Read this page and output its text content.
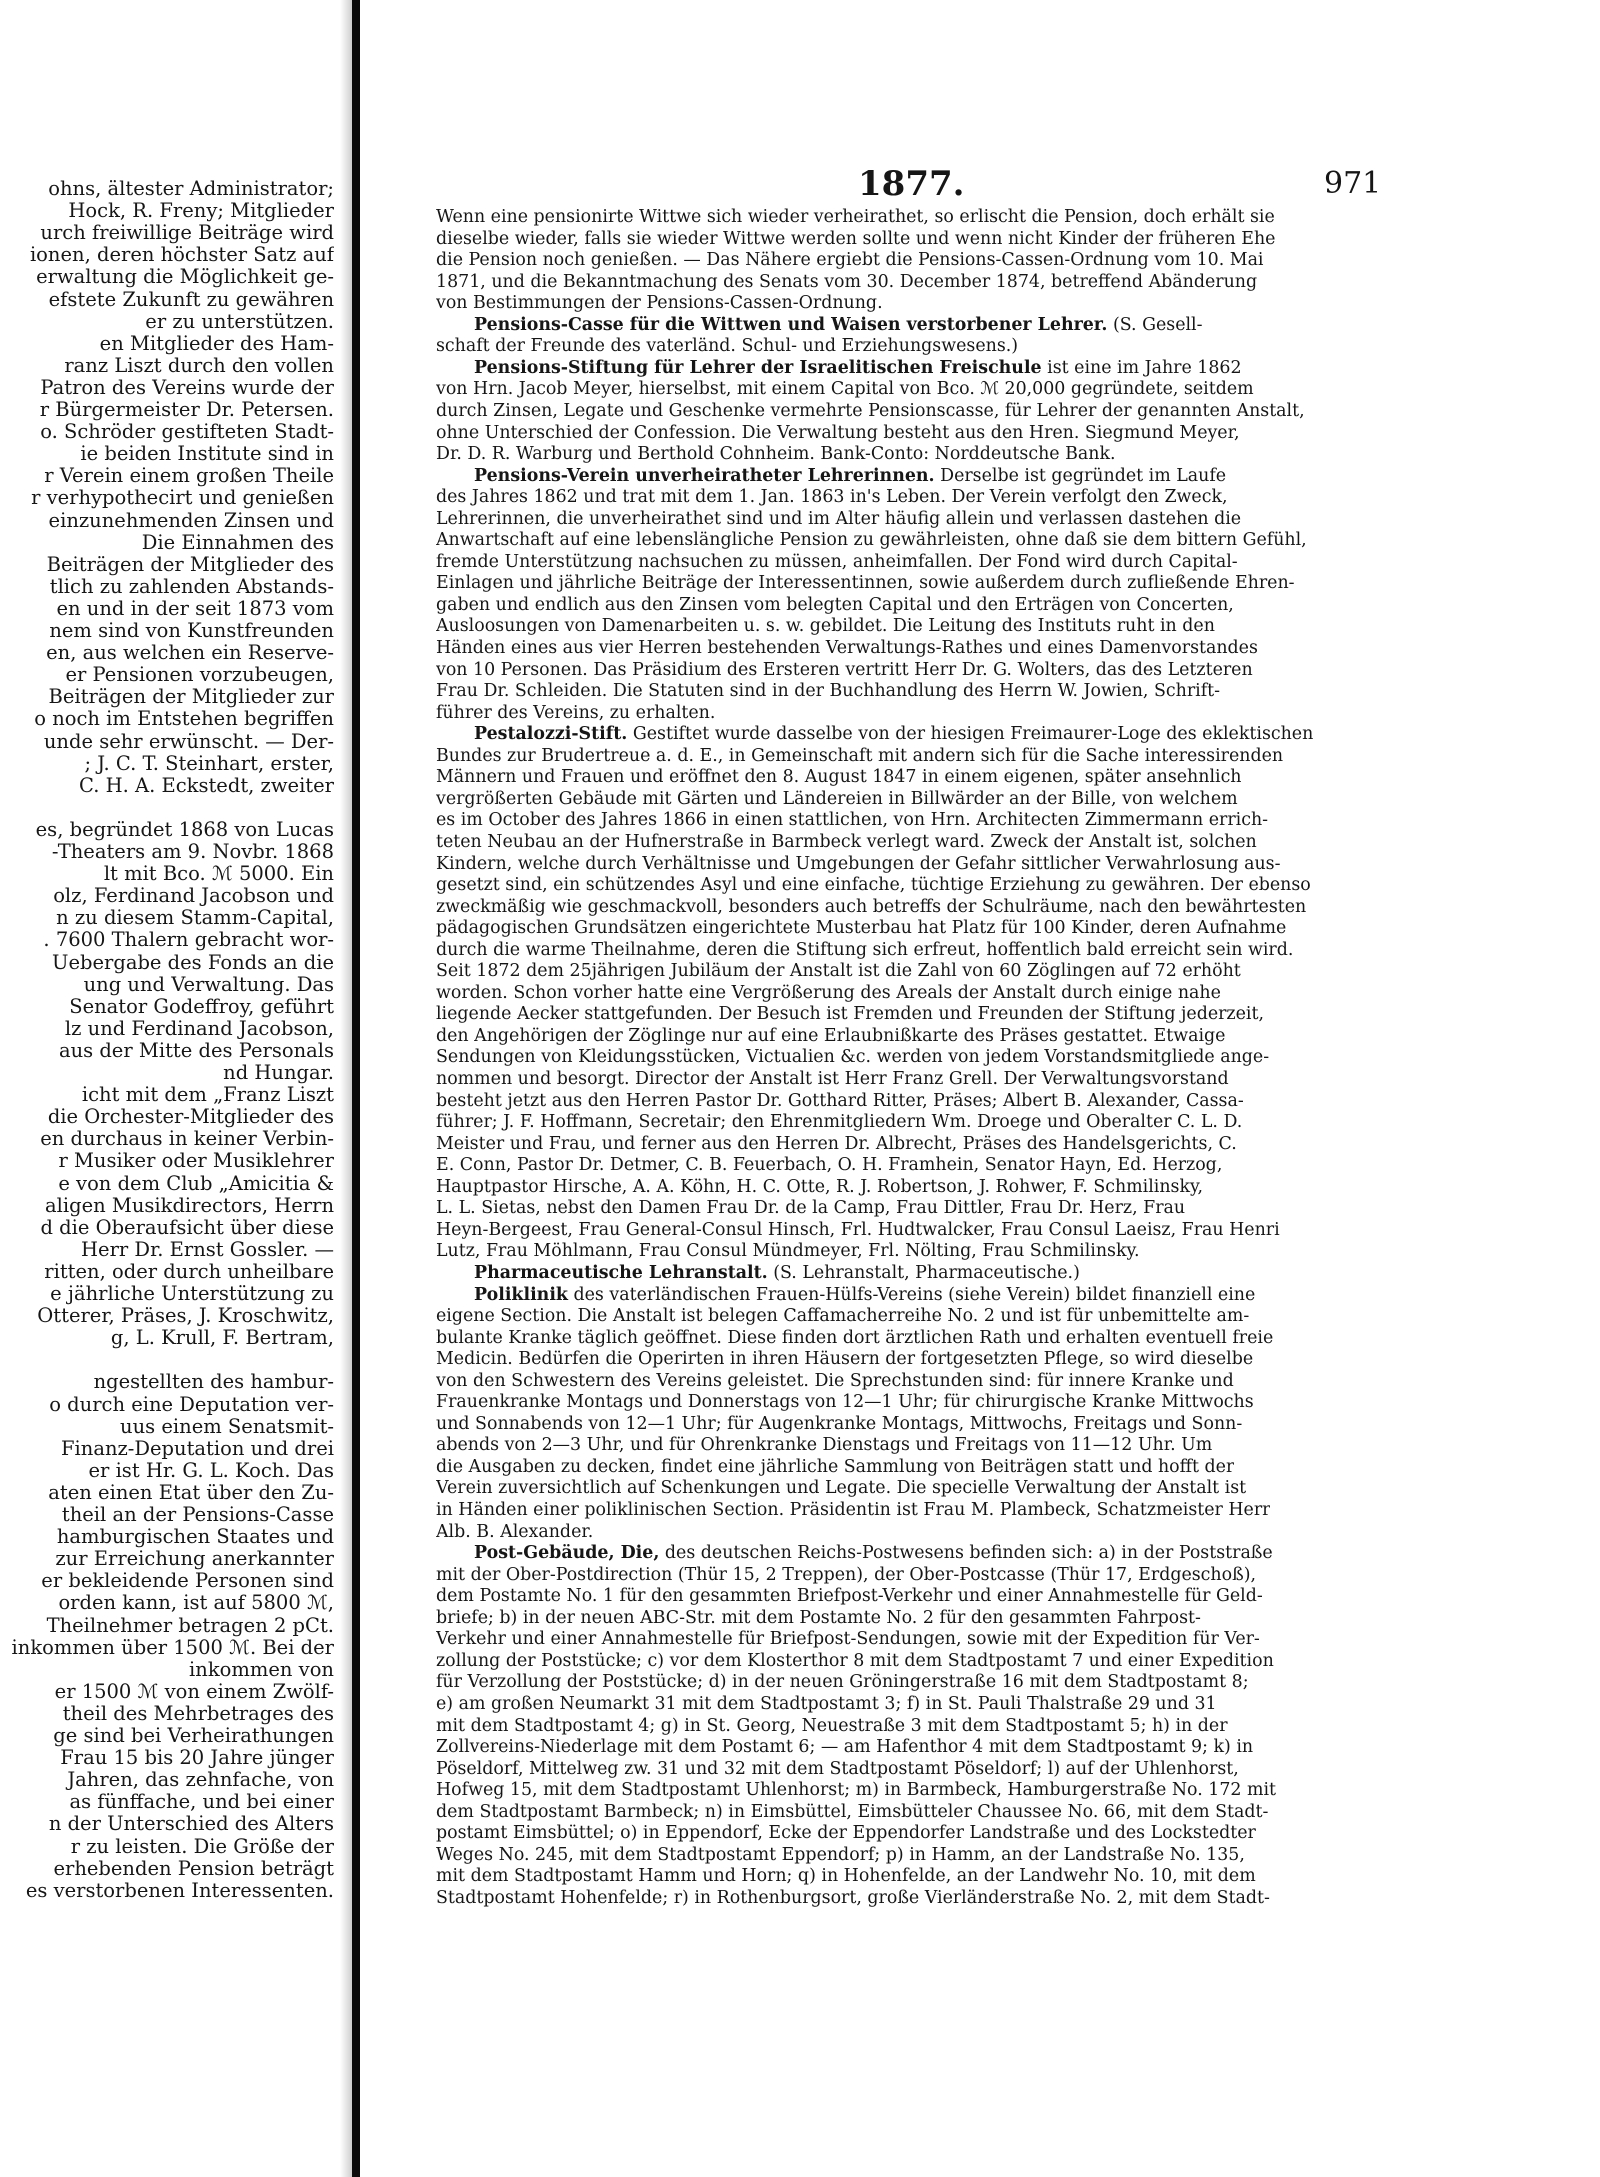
ohns, ältester Administrator;
Hock, R. Freny; Mitglieder
urch freiwillige Beiträge wird
ionen, deren höchster Satz auf
erwaltung die Möglichkeit ge-
efstete Zukunft zu gewähren
er zu unterstützen.
en Mitglieder des Ham-
ranz Liszt durch den vollen
Patron des Vereins wurde der
r Bürgermeister Dr. Petersen.
o. Schröder gestifteten Stadt-
ie beiden Institute sind in
r Verein einem großen Theile
r verhypothecirt und genießen
einzunehmenden Zinsen und
Die Einnahmen des
Beiträgen der Mitglieder des
tlich zu zahlenden Abstands-
en und in der seit 1873 vom
nem sind von Kunstfreunden
en, aus welchen ein Reserve-
er Pensionen vorzubeugen,
Beiträgen der Mitglieder zur
o noch im Entstehen begriffen
unde sehr erwünscht. — Der-
; J. C. T. Steinhart, erster,
C. H. A. Eckstedt, zweiter
es, begründet 1868 von Lucas
-Theaters am 9. Novbr. 1868
lt mit Bco. ℳ 5000. Ein
olz, Ferdinand Jacobson und
n zu diesem Stamm-Capital,
. 7600 Thalern gebracht wor-
Uebergabe des Fonds an die
ung und Verwaltung. Das
Senator Godeffroy, geführt
lz und Ferdinand Jacobson,
aus der Mitte des Personals
nd Hungar.
icht mit dem „Franz Liszt
die Orchester-Mitglieder des
en durchaus in keiner Verbin-
r Musiker oder Musiklehrer
e von dem Club „Amicitia &
aligen Musikdirectors, Herrn
d die Oberaufsicht über diese
Herr Dr. Ernst Gossler. —
ritten, oder durch unheilbare
e jährliche Unterstützung zu
Otterer, Präses, J. Kroschwitz,
g, L. Krull, F. Bertram,
ngestellten des hambur-
o durch eine Deputation ver-
uus einem Senatsmit-
Finanz-Deputation und drei
er ist Hr. G. L. Koch. Das
aten einen Etat über den Zu-
theil an der Pensions-Casse
hamburgischen Staates und
zur Erreichung anerkannter
er bekleidende Personen sind
orden kann, ist auf 5800 ℳ,
Theilnehmer betragen 2 pCt.
inkommen über 1500 ℳ. Bei der
inkommen von
er 1500 ℳ von einem Zwölf-
theil des Mehrbetrages des
ge sind bei Verheirathungen
Frau 15 bis 20 Jahre jünger
Jahren, das zehnfache, von
as fünffache, und bei einer
n der Unterschied des Alters
r zu leisten. Die Größe der
erhebenden Pension beträgt
es verstorbenen Interessenten.
1877.	971
Wenn eine pensionirte Wittwe sich wieder verheirathet, so erlischt die Pension, doch erhält sie
dieselbe wieder, falls sie wieder Wittwe werden sollte und wenn nicht Kinder der früheren Ehe
die Pension noch genießen. — Das Nähere ergiebt die Pensions-Cassen-Ordnung vom 10. Mai
1871, und die Bekanntmachung des Senats vom 30. December 1874, betreffend Abänderung
von Bestimmungen der Pensions-Cassen-Ordnung.
Pensions-Casse für die Wittwen und Waisen verstorbener Lehrer. (S. Gesell-
schaft der Freunde des vaterländ. Schul- und Erziehungswesens.)
Pensions-Stiftung für Lehrer der Israelitischen Freischule ist eine im Jahre 1862
von Hrn. Jacob Meyer, hierselbst, mit einem Capital von Bco. ℳ 20,000 gegründete, seitdem
durch Zinsen, Legate und Geschenke vermehrte Pensionscasse, für Lehrer der genannten Anstalt,
ohne Unterschied der Confession. Die Verwaltung besteht aus den Hren. Siegmund Meyer,
Dr. D. R. Warburg und Berthold Cohnheim. Bank-Conto: Norddeutsche Bank.
Pensions-Verein unverheiratheter Lehrerinnen. Derselbe ist gegründet im Laufe
des Jahres 1862 und trat mit dem 1. Jan. 1863 in's Leben. Der Verein verfolgt den Zweck,
Lehrerinnen, die unverheirathet sind und im Alter häufig allein und verlassen dastehen die
Anwartschaft auf eine lebenslängliche Pension zu gewährleisten, ohne daß sie dem bittern Gefühl,
fremde Unterstützung nachsuchen zu müssen, anheimfallen. Der Fond wird durch Capital-
Einlagen und jährliche Beiträge der Interessentinnen, sowie außerdem durch zufließende Ehren-
gaben und endlich aus den Zinsen vom belegten Capital und den Erträgen von Concerten,
Ausloosungen von Damenarbeiten u. s. w. gebildet. Die Leitung des Instituts ruht in den
Händen eines aus vier Herren bestehenden Verwaltungs-Rathes und eines Damenvorstandes
von 10 Personen. Das Präsidium des Ersteren vertritt Herr Dr. G. Wolters, das des Letzteren
Frau Dr. Schleiden. Die Statuten sind in der Buchhandlung des Herrn W. Jowien, Schrift-
führer des Vereins, zu erhalten.
Pestalozzi-Stift. Gestiftet wurde dasselbe von der hiesigen Freimaurer-Loge des eklektischen
Bundes zur Brudertreue a. d. E., in Gemeinschaft mit andern sich für die Sache interessirenden
Männern und Frauen und eröffnet den 8. August 1847 in einem eigenen, später ansehnlich
vergrößerten Gebäude mit Gärten und Ländereien in Billwärder an der Bille, von welchem
es im October des Jahres 1866 in einen stattlichen, von Hrn. Architecten Zimmermann errich-
teten Neubau an der Hufnerstraße in Barmbeck verlegt ward. Zweck der Anstalt ist, solchen
Kindern, welche durch Verhältnisse und Umgebungen der Gefahr sittlicher Verwahrlosung aus-
gesetzt sind, ein schützendes Asyl und eine einfache, tüchtige Erziehung zu gewähren. Der ebenso
zweckmäßig wie geschmackvoll, besonders auch betreffs der Schulräume, nach den bewährtesten
pädagogischen Grundsätzen eingerichtete Musterbau hat Platz für 100 Kinder, deren Aufnahme
durch die warme Theilnahme, deren die Stiftung sich erfreut, hoffentlich bald erreicht sein wird.
Seit 1872 dem 25jährigen Jubiläum der Anstalt ist die Zahl von 60 Zöglingen auf 72 erhöht
worden. Schon vorher hatte eine Vergrößerung des Areals der Anstalt durch einige nahe
liegende Aecker stattgefunden. Der Besuch ist Fremden und Freunden der Stiftung jederzeit,
den Angehörigen der Zöglinge nur auf eine Erlaubnißkarte des Präses gestattet. Etwaige
Sendungen von Kleidungsstücken, Victualien &c. werden von jedem Vorstandsmitgliede ange-
nommen und besorgt. Director der Anstalt ist Herr Franz Grell. Der Verwaltungsvorstand
besteht jetzt aus den Herren Pastor Dr. Gotthard Ritter, Präses; Albert B. Alexander, Cassa-
führer; J. F. Hoffmann, Secretair; den Ehrenmitgliedern Wm. Droege und Oberalter C. L. D.
Meister und Frau, und ferner aus den Herren Dr. Albrecht, Präses des Handelsgerichts, C.
E. Conn, Pastor Dr. Detmer, C. B. Feuerbach, O. H. Framhein, Senator Hayn, Ed. Herzog,
Hauptpastor Hirsche, A. A. Köhn, H. C. Otte, R. J. Robertson, J. Rohwer, F. Schmilinsky,
L. L. Sietas, nebst den Damen Frau Dr. de la Camp, Frau Dittler, Frau Dr. Herz, Frau
Heyn-Bergeest, Frau General-Consul Hinsch, Frl. Hudtwalcker, Frau Consul Laeisz, Frau Henri
Lutz, Frau Möhlmann, Frau Consul Mündmeyer, Frl. Nölting, Frau Schmilinsky.
Pharmaceutische Lehranstalt. (S. Lehranstalt, Pharmaceutische.)
Poliklinik des vaterländischen Frauen-Hülfs-Vereins (siehe Verein) bildet finanziell eine
eigene Section. Die Anstalt ist belegen Caffamacherreihe No. 2 und ist für unbemittelte am-
bulante Kranke täglich geöffnet. Diese finden dort ärztlichen Rath und erhalten eventuell freie
Medicin. Bedürfen die Operirten in ihren Häusern der fortgesetzten Pflege, so wird dieselbe
von den Schwestern des Vereins geleistet. Die Sprechstunden sind: für innere Kranke und
Frauenkranke Montags und Donnerstags von 12—1 Uhr; für chirurgische Kranke Mittwochs
und Sonnabends von 12—1 Uhr; für Augenkranke Montags, Mittwochs, Freitags und Sonn-
abends von 2—3 Uhr, und für Ohrenkranke Dienstags und Freitags von 11—12 Uhr. Um
die Ausgaben zu decken, findet eine jährliche Sammlung von Beiträgen statt und hofft der
Verein zuversichtlich auf Schenkungen und Legate. Die specielle Verwaltung der Anstalt ist
in Händen einer poliklinischen Section. Präsidentin ist Frau M. Plambeck, Schatzmeister Herr
Alb. B. Alexander.
Post-Gebäude, Die, des deutschen Reichs-Postwesens befinden sich: a) in der Poststraße
mit der Ober-Postdirection (Thür 15, 2 Treppen), der Ober-Postcasse (Thür 17, Erdgeschoß),
dem Postamte No. 1 für den gesammten Briefpost-Verkehr und einer Annahmestelle für Geld-
briefe; b) in der neuen ABC-Str. mit dem Postamte No. 2 für den gesammten Fahrpost-
Verkehr und einer Annahmestelle für Briefpost-Sendungen, sowie mit der Expedition für Ver-
zollung der Poststücke; c) vor dem Klosterthor 8 mit dem Stadtpostamt 7 und einer Expedition
für Verzollung der Poststücke; d) in der neuen Gröningerstraße 16 mit dem Stadtpostamt 8;
e) am großen Neumarkt 31 mit dem Stadtpostamt 3; f) in St. Pauli Thalstraße 29 und 31
mit dem Stadtpostamt 4; g) in St. Georg, Neuestraße 3 mit dem Stadtpostamt 5; h) in der
Zollvereins-Niederlage mit dem Postamt 6; — am Hafenthor 4 mit dem Stadtpostamt 9; k) in
Pöseldorf, Mittelweg zw. 31 und 32 mit dem Stadtpostamt Pöseldorf; l) auf der Uhlenhorst,
Hofweg 15, mit dem Stadtpostamt Uhlenhorst; m) in Barmbeck, Hamburgerstraße No. 172 mit
dem Stadtpostamt Barmbeck; n) in Eimsbüttel, Eimsbütteler Chaussee No. 66, mit dem Stadt-
postamt Eimsbüttel; o) in Eppendorf, Ecke der Eppendorfer Landstraße und des Lockstedter
Weges No. 245, mit dem Stadtpostamt Eppendorf; p) in Hamm, an der Landstraße No. 135,
mit dem Stadtpostamt Hamm und Horn; q) in Hohenfelde, an der Landwehr No. 10, mit dem
Stadtpostamt Hohenfelde; r) in Rothenburgsort, große Vierländerstraße No. 2, mit dem Stadt-
